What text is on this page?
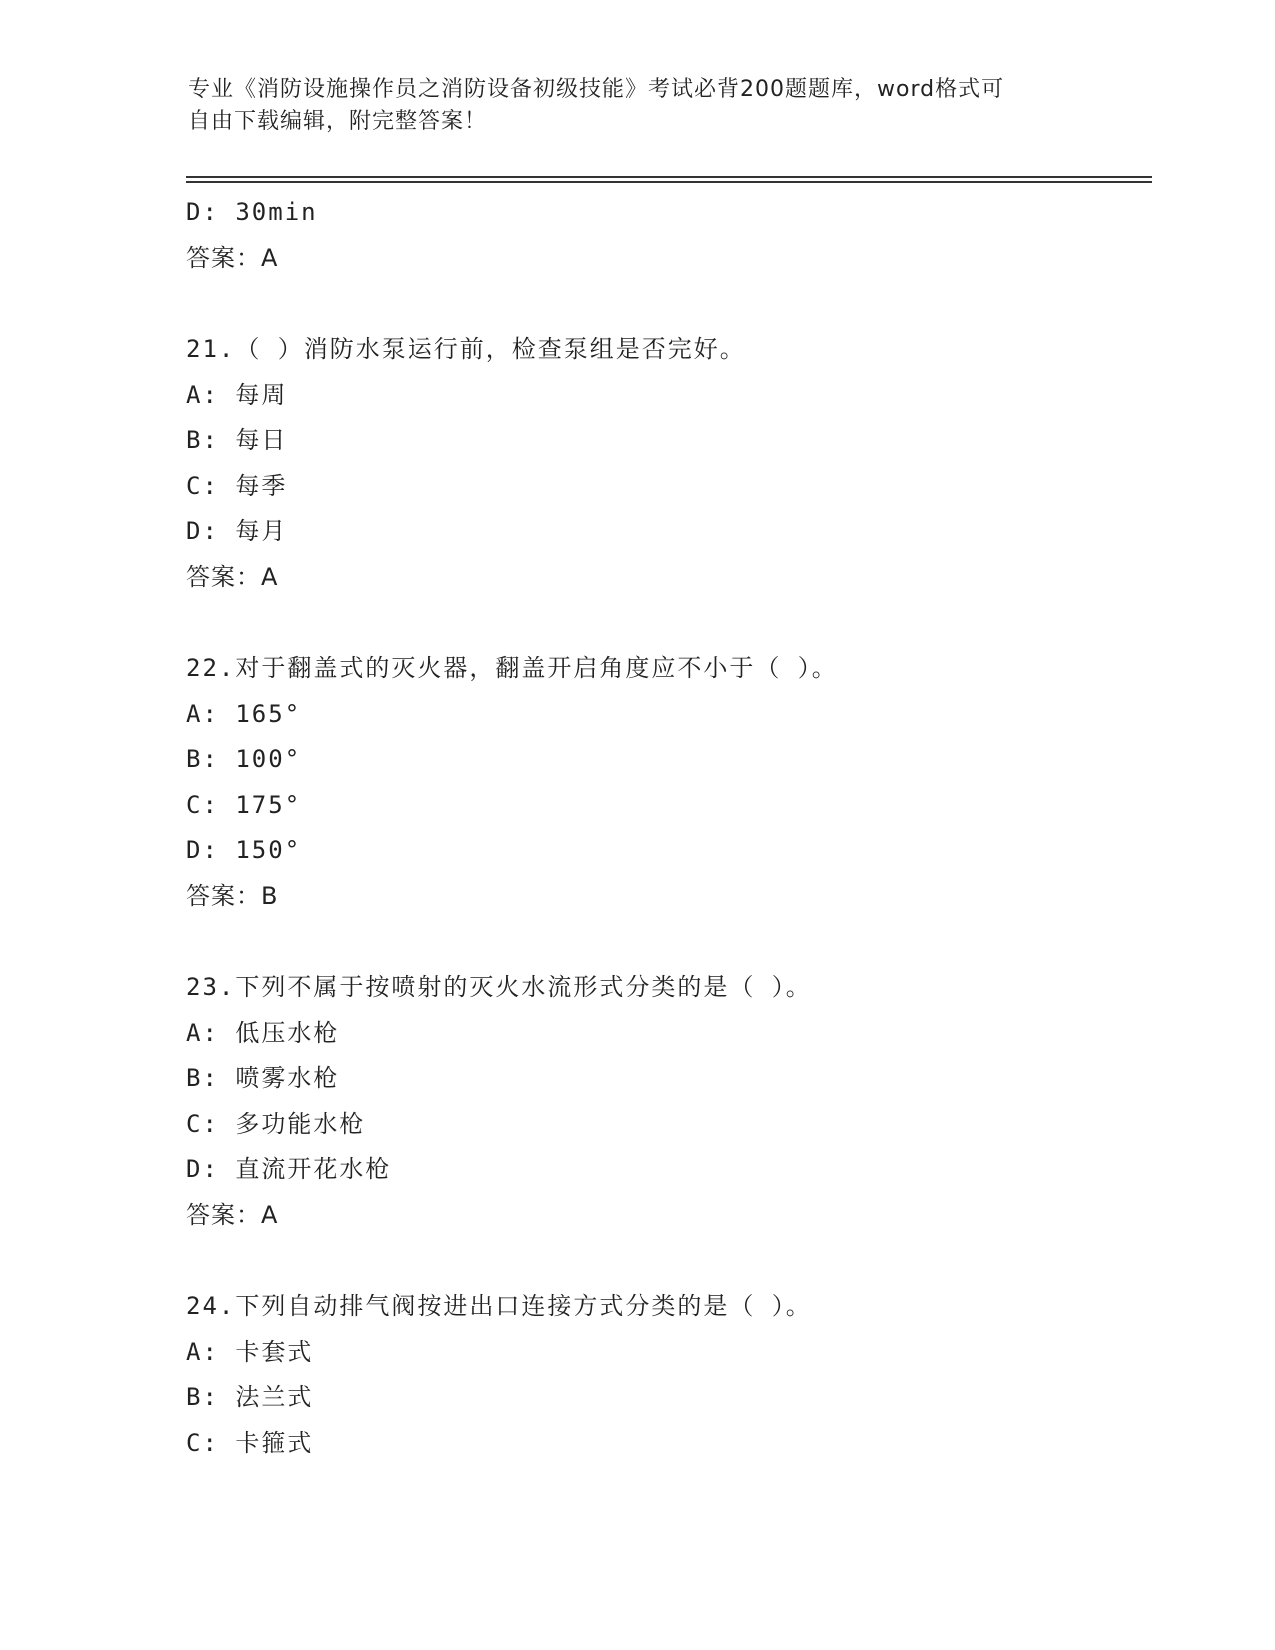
专业《消防设施操作员之消防设备初级技能》考试必背200题题库，word格式可
自由下载编辑，附完整答案！
D: 30min
答案：A
21.（ ）消防水泵运行前，检查泵组是否完好。
A: 每周
B: 每日
C: 每季
D: 每月
答案：A
22.对于翻盖式的灭火器，翻盖开启角度应不小于（ ）。
A: 165°
B: 100°
C: 175°
D: 150°
答案：B
23.下列不属于按喷射的灭火水流形式分类的是（ ）。
A: 低压水枪
B: 喷雾水枪
C: 多功能水枪
D: 直流开花水枪
答案：A
24.下列自动排气阀按进出口连接方式分类的是（ ）。
A: 卡套式
B: 法兰式
C: 卡箍式
